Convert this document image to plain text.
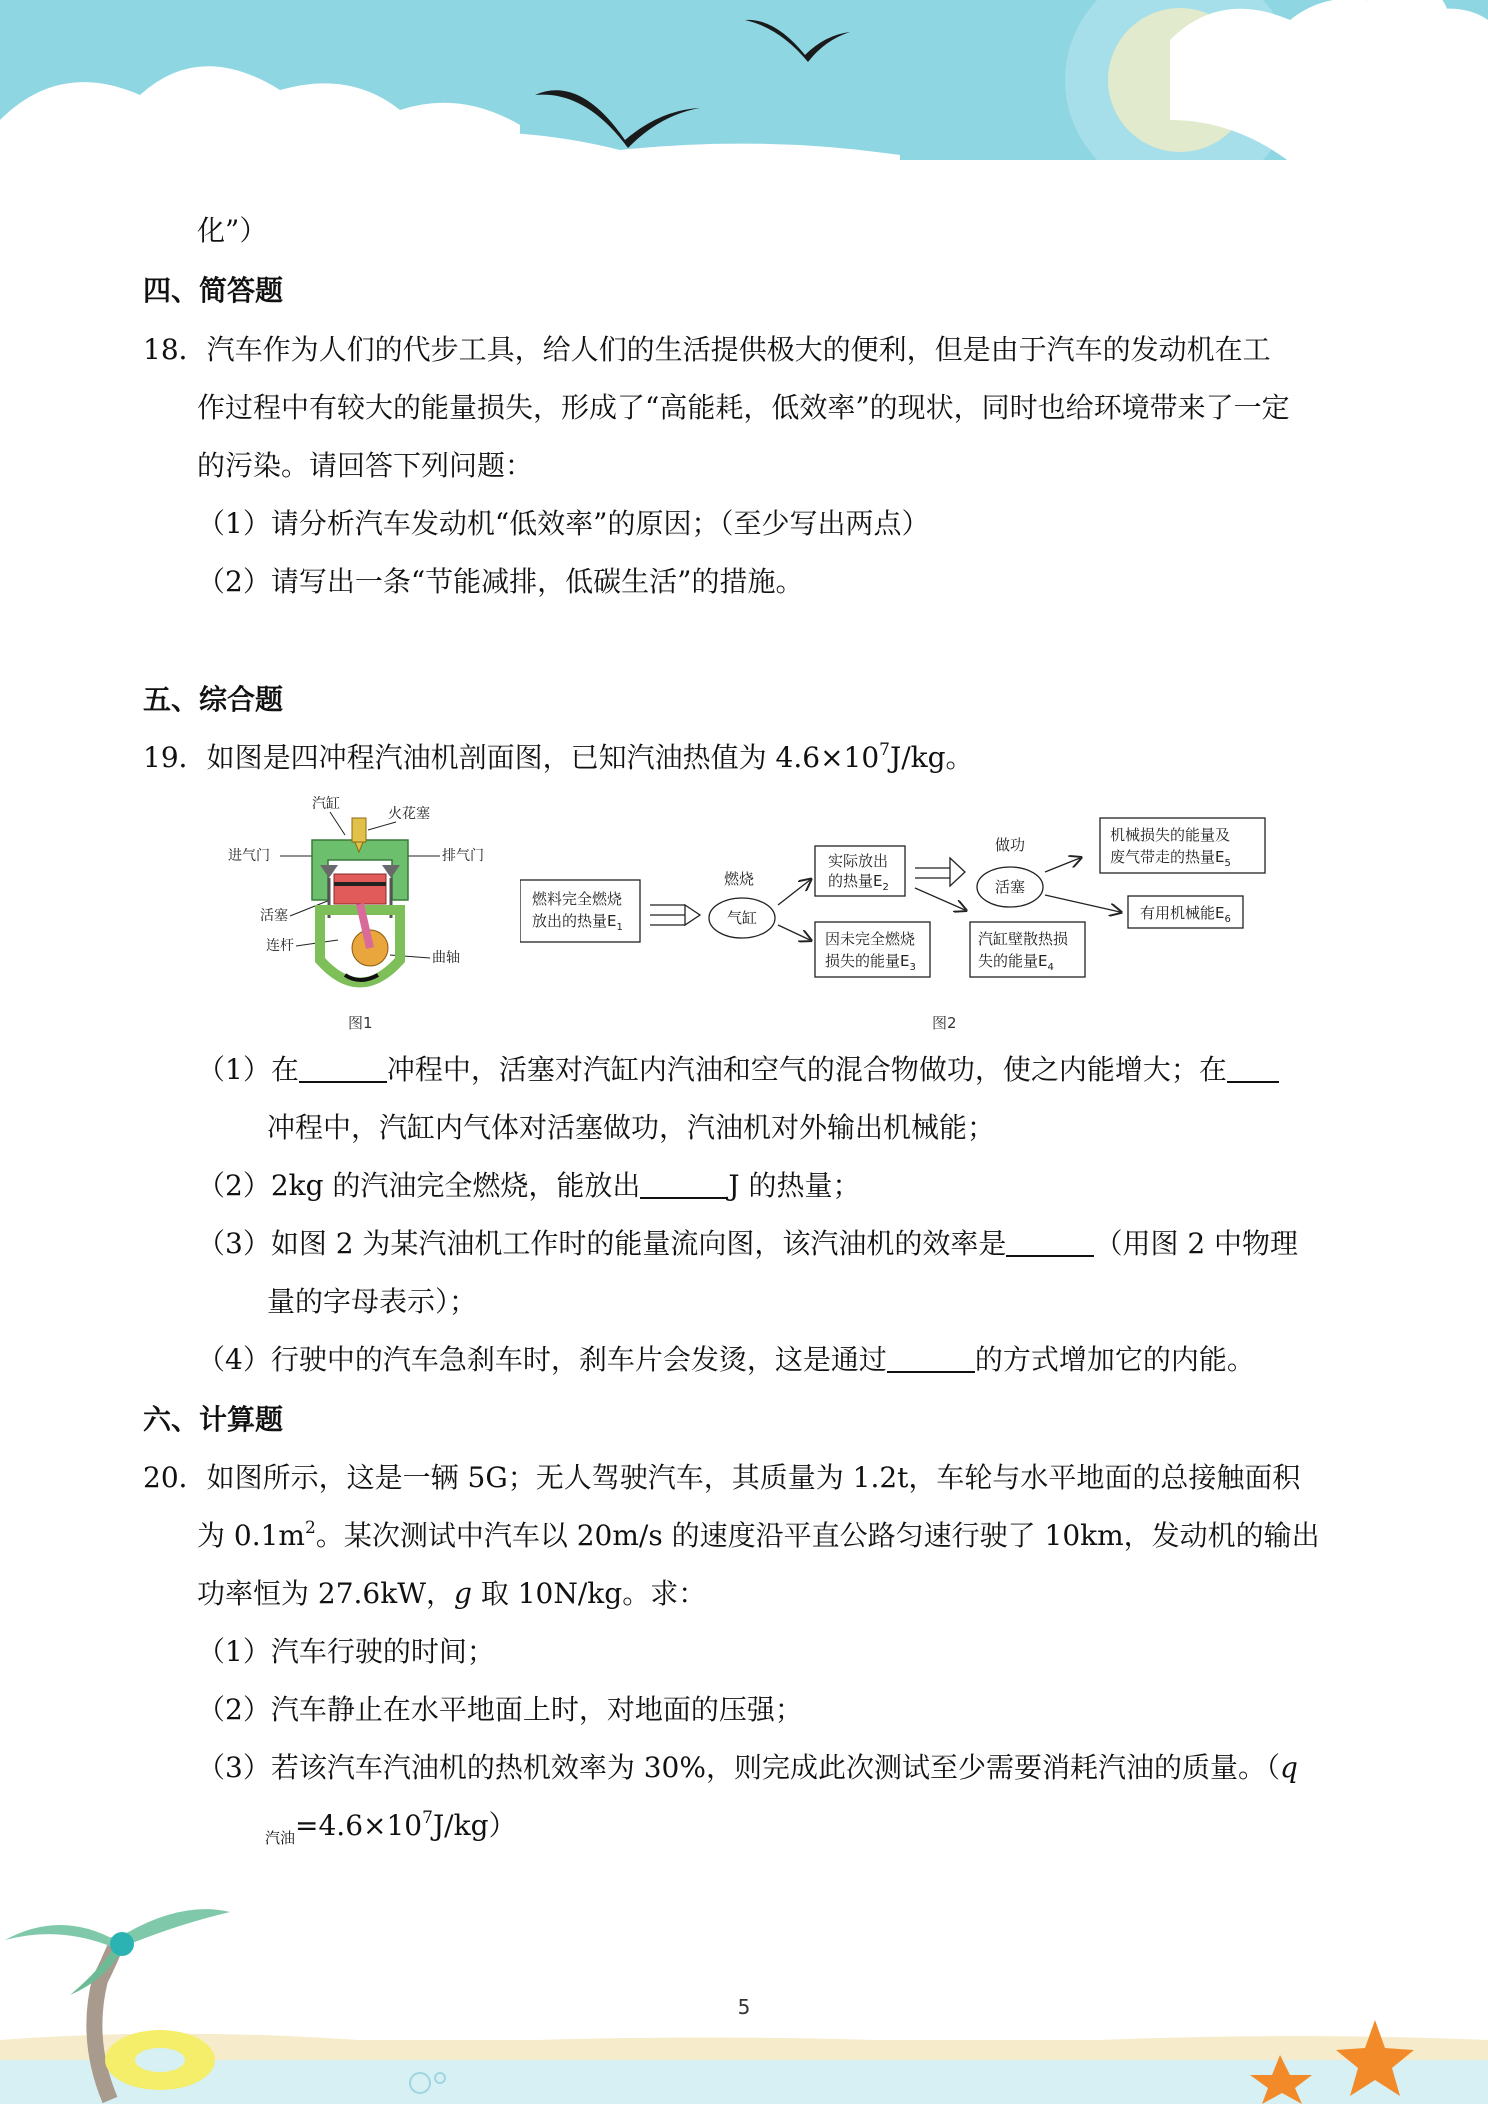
化”）
四、简答题
18．汽车作为人们的代步工具，给人们的生活提供极大的便利，但是由于汽车的发动机在工
作过程中有较大的能量损失，形成了“高能耗，低效率”的现状，同时也给环境带来了一定
的污染。请回答下列问题：
（1）请分析汽车发动机“低效率”的原因；（至少写出两点）
（2）请写出一条“节能减排，低碳生活”的措施。
五、综合题
19．如图是四冲程汽油机剖面图，已知汽油热值为 $4.6\times 10^7J/kg$。
汽缸
火花塞
进气门	排气门
活塞
连杆
曲轴
图1
燃料完全燃烧
放出的热量$E_1$
燃烧
气缸
实际放出
的热量$E_2$
因未完全燃烧
损失的能量$E_3$
做功
活塞
汽缸壁散热损
失的能量$E_4$
机械损失的能量及
废气带走的热量$E_5$
有用机械能$E_6$
图2
（1）在	冲程中，活塞对汽缸内汽油和空气的混合物做功，使之内能增大；在
冲程中，汽缸内气体对活塞做功，汽油机对外输出机械能；
（2）2kg 的汽油完全燃烧，能放出	J 的热量；
（3）如图 2 为某汽油机工作时的能量流向图，该汽油机的效率是	（用图 2 中物理
量的字母表示）；
（4）行驶中的汽车急刹车时，刹车片会发烫，这是通过	的方式增加它的内能。
六、计算题
20．如图所示，这是一辆 5G；无人驾驶汽车，其质量为 1.2t，车轮与水平地面的总接触面积
为 $0.1m^2$。某次测试中汽车以 20m/s 的速度沿平直公路匀速行驶了 10km，发动机的输出
功率恒为 27.6kW，g 取 10N/kg。求：
（1）汽车行驶的时间；
（2）汽车静止在水平地面上时，对地面的压强；
（3）若该汽车汽油机的热机效率为 30%，则完成此次测试至少需要消耗汽油的质量。（q
$_{汽油}=4.6\times 10^7J/kg$）
5
